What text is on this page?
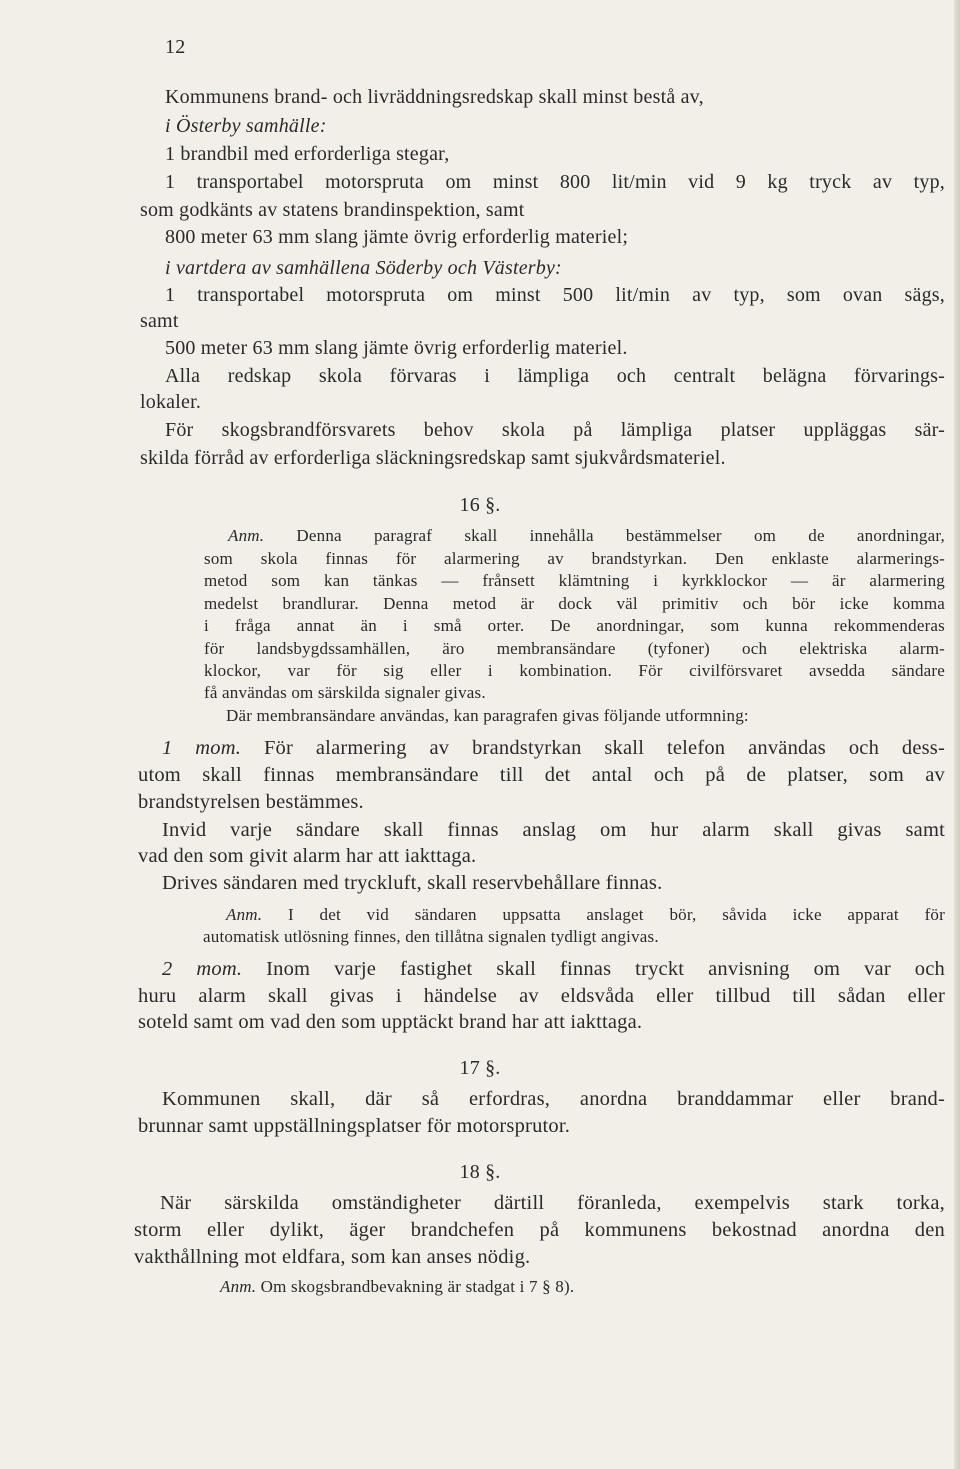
12

Kommunens brand- och livräddningsredskap skall minst bestå av,

i Österby samhälle:

1 brandbil med erforderliga stegar,

1 transportabel motorspruta om minst 800 lit/min vid 9 kg tryck av typ,

som godkänts av statens brandinspektion, samt

800 meter 63 mm slang jämte övrig erforderlig materiel;

i vartdera av samhällena Söderby och Västerby:

1 transportabel motorspruta om minst 500 lit/min av typ, som ovan sägs,

samt

500 meter 63 mm slang jämte övrig erforderlig materiel.

Alla redskap skola förvaras i lämpliga och centralt belägna förvarings-

lokaler.

För skogsbrandförsvarets behov skola på lämpliga platser uppläggas sär-

skilda förråd av erforderliga släckningsredskap samt sjukvårdsmateriel.

16 §.

Anm. Denna paragraf skall innehålla bestämmelser om de anordningar,

som skola finnas för alarmering av brandstyrkan. Den enklaste alarmerings-

metod som kan tänkas — frånsett klämtning i kyrkklockor — är alarmering

medelst brandlurar. Denna metod är dock väl primitiv och bör icke komma

i fråga annat än i små orter. De anordningar, som kunna rekommenderas

för landsbygdssamhällen, äro membransändare (tyfoner) och elektriska alarm-

klockor, var för sig eller i kombination. För civilförsvaret avsedda sändare

få användas om särskilda signaler givas.

Där membransändare användas, kan paragrafen givas följande utformning:

1 mom. För alarmering av brandstyrkan skall telefon användas och dess-

utom skall finnas membransändare till det antal och på de platser, som av

brandstyrelsen bestämmes.

Invid varje sändare skall finnas anslag om hur alarm skall givas samt

vad den som givit alarm har att iakttaga.

Drives sändaren med tryckluft, skall reservbehållare finnas.

Anm. I det vid sändaren uppsatta anslaget bör, såvida icke apparat för

automatisk utlösning finnes, den tillåtna signalen tydligt angivas.

2 mom. Inom varje fastighet skall finnas tryckt anvisning om var och

huru alarm skall givas i händelse av eldsvåda eller tillbud till sådan eller

soteld samt om vad den som upptäckt brand har att iakttaga.

17 §.

Kommunen skall, där så erfordras, anordna branddammar eller brand-

brunnar samt uppställningsplatser för motorsprutor.

18 §.

När särskilda omständigheter därtill föranleda, exempelvis stark torka,

storm eller dylikt, äger brandchefen på kommunens bekostnad anordna den

vakthållning mot eldfara, som kan anses nödig.

Anm. Om skogsbrandbevakning är stadgat i 7 § 8).
